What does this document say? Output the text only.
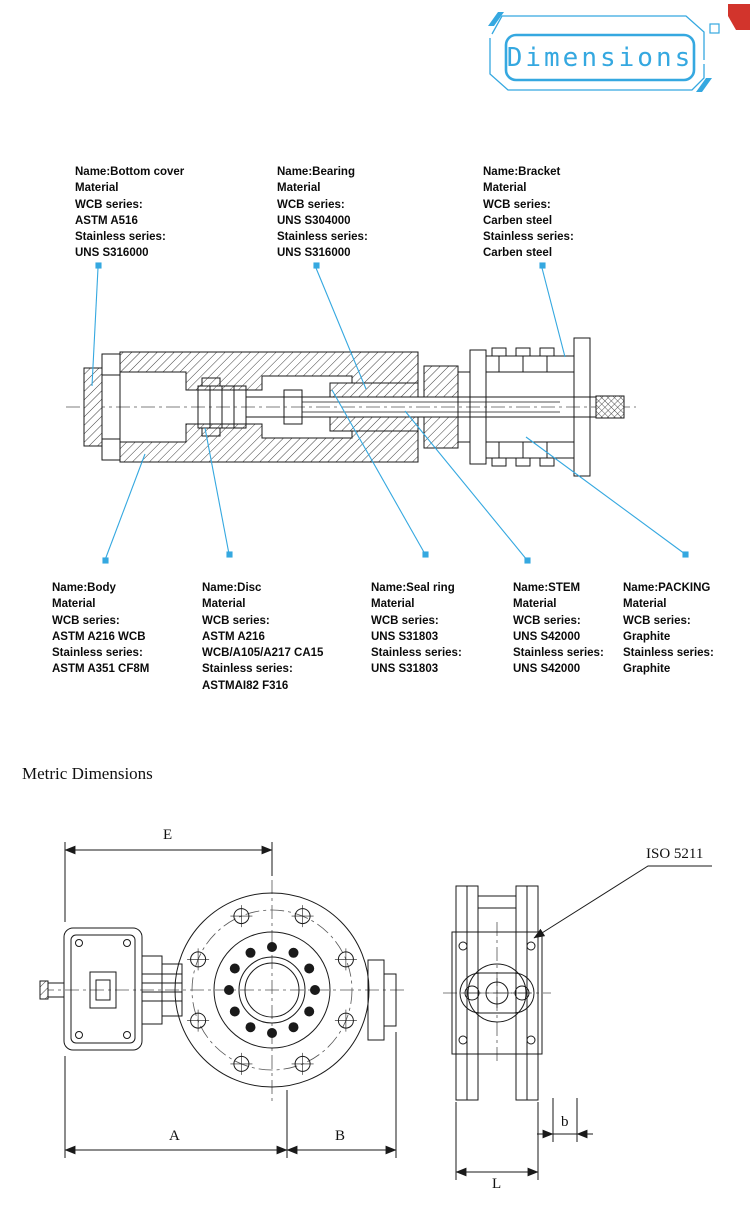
Dimensions
Name:Bottom cover
Material
WCB series:
ASTM A516
Stainless series:
UNS S316000
Name:Bearing
Material
WCB series:
UNS S304000
Stainless series:
UNS S316000
Name:Bracket
Material
WCB series:
Carben steel
Stainless series:
Carben steel
Name:Body
Material
WCB series:
ASTM A216 WCB
Stainless series:
ASTM A351 CF8M
Name:Disc
Material
WCB series:
ASTM A216
WCB/A105/A217 CA15
Stainless series:
ASTMAI82 F316
Name:Seal ring
Material
WCB series:
UNS S31803
Stainless series:
UNS S31803
Name:STEM
Material
WCB series:
UNS S42000
Stainless series:
UNS S42000
Name:PACKING
Material
WCB series:
Graphite
Stainless series:
Graphite
Metric Dimensions
ISO 5211
E
A	B
b
L
